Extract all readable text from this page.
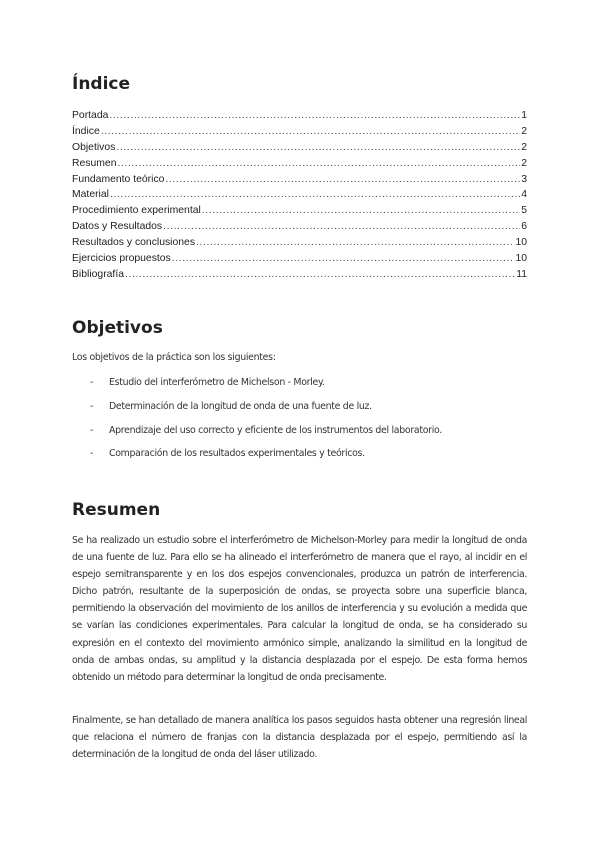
Índice
Portada .....	1
Índice .....	2
Objetivos .....	2
Resumen .....	2
Fundamento teórico .....	3
Material .....	4
Procedimiento experimental .....	5
Datos y Resultados .....	6
Resultados y conclusiones .....	10
Ejercicios propuestos .....	10
Bibliografía .....	11
Objetivos

Los objetivos de la práctica son los siguientes:

- Estudio del interferómetro de Michelson - Morley.
- Determinación de la longitud de onda de una fuente de luz.
- Aprendizaje del uso correcto y eficiente de los instrumentos del laboratorio.
- Comparación de los resultados experimentales y teóricos.
Resumen

Se ha realizado un estudio sobre el interferómetro de Michelson-Morley para medir la longitud de onda de una fuente de luz. Para ello se ha alineado el interferómetro de manera que el rayo, al incidir en el espejo semitransparente y en los dos espejos convencionales, produzca un patrón de interferencia. Dicho patrón, resultante de la superposición de ondas, se proyecta sobre una superficie blanca, permitiendo la observación del movimiento de los anillos de interferencia y su evolución a medida que se varían las condiciones experimentales. Para calcular la longitud de onda, se ha considerado su expresión en el contexto del movimiento armónico simple, analizando la similitud en la longitud de onda de ambas ondas, su amplitud y la distancia desplazada por el espejo. De esta forma hemos obtenido un método para determinar la longitud de onda precisamente.

Finalmente, se han detallado de manera analítica los pasos seguidos hasta obtener una regresión lineal que relaciona el número de franjas con la distancia desplazada por el espejo, permitiendo así la determinación de la longitud de onda del láser utilizado.
